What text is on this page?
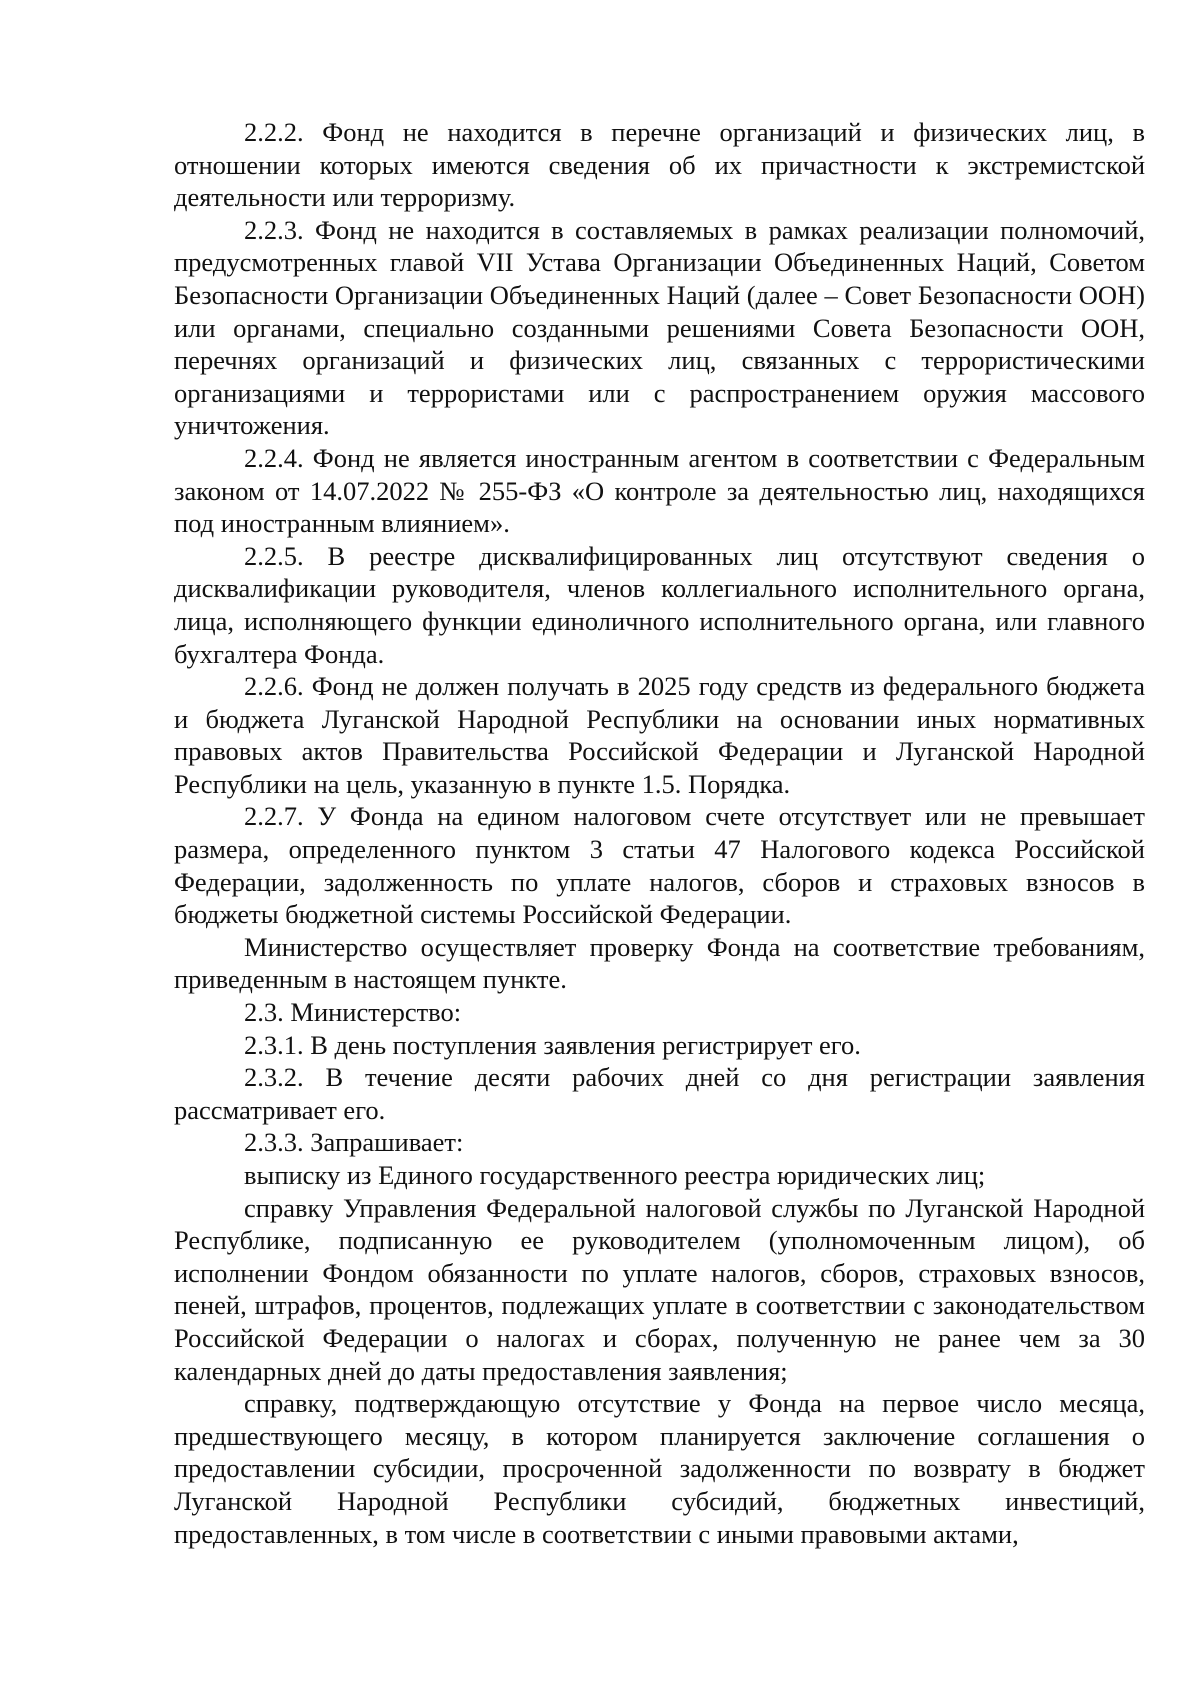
2.2.2. Фонд не находится в перечне организаций и физических лиц, в отношении которых имеются сведения об их причастности к экстремистской деятельности или терроризму.

2.2.3. Фонд не находится в составляемых в рамках реализации полномочий, предусмотренных главой VII Устава Организации Объединенных Наций, Советом Безопасности Организации Объединенных Наций (далее – Совет Безопасности ООН) или органами, специально созданными решениями Совета Безопасности ООН, перечнях организаций и физических лиц, связанных с террористическими организациями и террористами или с распространением оружия массового уничтожения.

2.2.4. Фонд не является иностранным агентом в соответствии с Федеральным законом от 14.07.2022 № 255-ФЗ «О контроле за деятельностью лиц, находящихся под иностранным влиянием».

2.2.5. В реестре дисквалифицированных лиц отсутствуют сведения о дисквалификации руководителя, членов коллегиального исполнительного органа, лица, исполняющего функции единоличного исполнительного органа, или главного бухгалтера Фонда.

2.2.6. Фонд не должен получать в 2025 году средств из федерального бюджета и бюджета Луганской Народной Республики на основании иных нормативных правовых актов Правительства Российской Федерации и Луганской Народной Республики на цель, указанную в пункте 1.5. Порядка.

2.2.7. У Фонда на едином налоговом счете отсутствует или не превышает размера, определенного пунктом 3 статьи 47 Налогового кодекса Российской Федерации, задолженность по уплате налогов, сборов и страховых взносов в бюджеты бюджетной системы Российской Федерации.

Министерство осуществляет проверку Фонда на соответствие требованиям, приведенным в настоящем пункте.

2.3. Министерство:

2.3.1. В день поступления заявления регистрирует его.

2.3.2. В течение десяти рабочих дней со дня регистрации заявления рассматривает его.

2.3.3. Запрашивает:

выписку из Единого государственного реестра юридических лиц;

справку Управления Федеральной налоговой службы по Луганской Народной Республике, подписанную ее руководителем (уполномоченным лицом), об исполнении Фондом обязанности по уплате налогов, сборов, страховых взносов, пеней, штрафов, процентов, подлежащих уплате в соответствии с законодательством Российской Федерации о налогах и сборах, полученную не ранее чем за 30 календарных дней до даты предоставления заявления;

справку, подтверждающую отсутствие у Фонда на первое число месяца, предшествующего месяцу, в котором планируется заключение соглашения о предоставлении субсидии, просроченной задолженности по возврату в бюджет Луганской Народной Республики субсидий, бюджетных инвестиций, предоставленных, в том числе в соответствии с иными правовыми актами,
